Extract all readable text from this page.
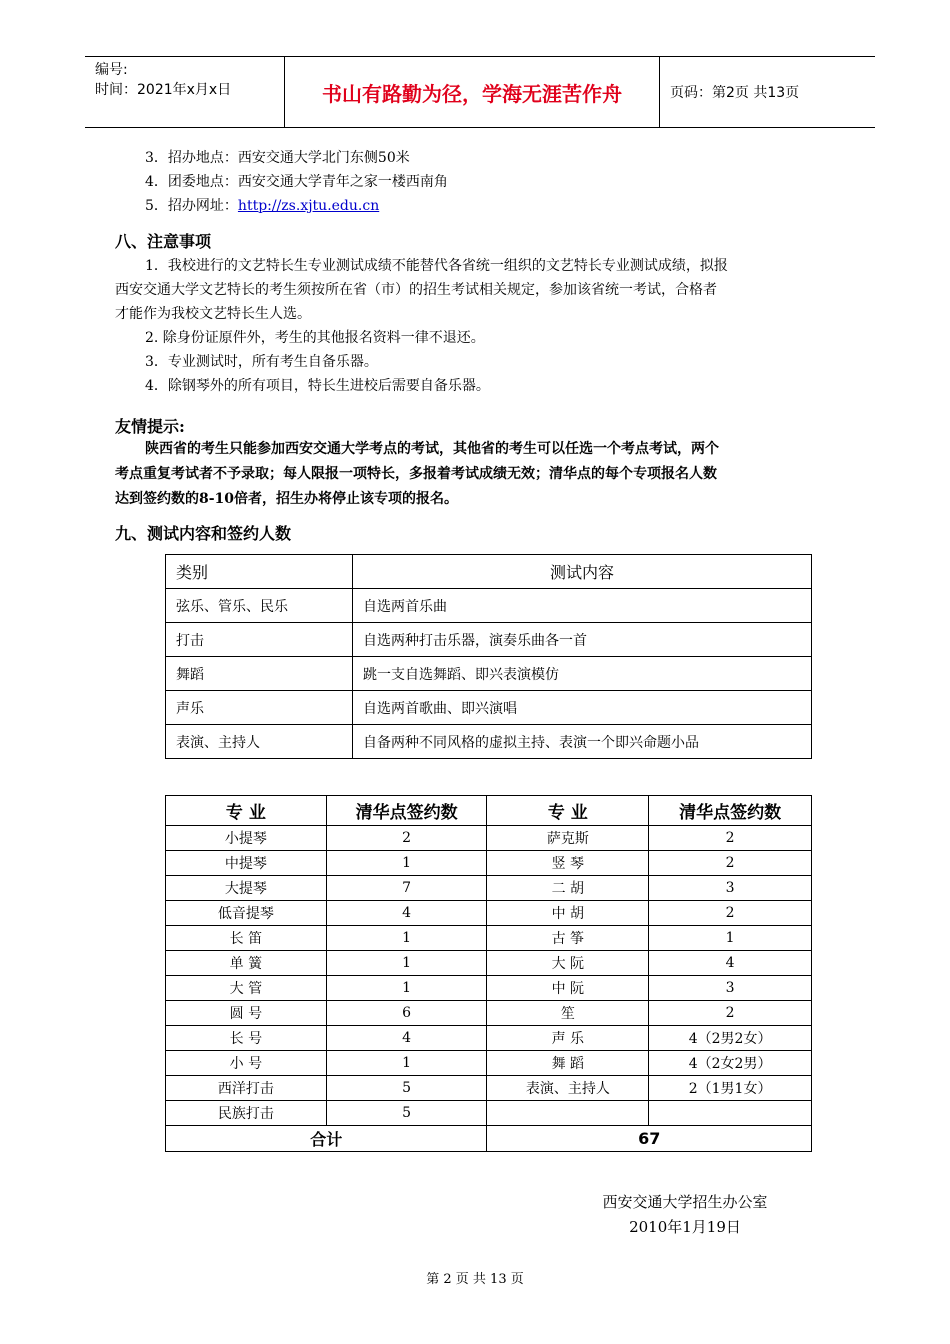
编号:
时间：2021年x月x日	书山有路勤为径，学海无涯苦作舟	页码：第2页 共13页
3．招办地点：西安交通大学北门东侧50米
4．团委地点：西安交通大学青年之家一楼西南角
5．招办网址：http://zs.xjtu.edu.cn
八、注意事项
1．我校进行的文艺特长生专业测试成绩不能替代各省统一组织的文艺特长专业测试成绩，拟报
西安交通大学文艺特长的考生须按所在省（市）的招生考试相关规定，参加该省统一考试，合格者
才能作为我校文艺特长生人选。
2. 除身份证原件外，考生的其他报名资料一律不退还。
3．专业测试时，所有考生自备乐器。
4．除钢琴外的所有项目，特长生进校后需要自备乐器。
友情提示:
陕西省的考生只能参加西安交通大学考点的考试，其他省的考生可以任选一个考点考试，两个
考点重复考试者不予录取；每人限报一项特长，多报着考试成绩无效；清华点的每个专项报名人数
达到签约数的8-10倍者，招生办将停止该专项的报名。
九、测试内容和签约人数
类别	测试内容
弦乐、管乐、民乐	自选两首乐曲
打击	自选两种打击乐器，演奏乐曲各一首
舞蹈	跳一支自选舞蹈、即兴表演模仿
声乐	自选两首歌曲、即兴演唱
表演、主持人	自备两种不同风格的虚拟主持、表演一个即兴命题小品
专 业	清华点签约数	专 业	清华点签约数
小提琴	2	萨克斯	2
中提琴	1	竖 琴	2
大提琴	7	二 胡	3
低音提琴	4	中 胡	2
长 笛	1	古 筝	1
单 簧	1	大 阮	4
大 管	1	中 阮	3
圆 号	6	笙	2
长 号	4	声 乐	4（2男2女）
小 号	1	舞 蹈	4（2女2男）
西洋打击	5	表演、主持人	2（1男1女）
民族打击	5		
合计		67	
西安交通大学招生办公室
2010年1月19日
第 2 页 共 13 页
